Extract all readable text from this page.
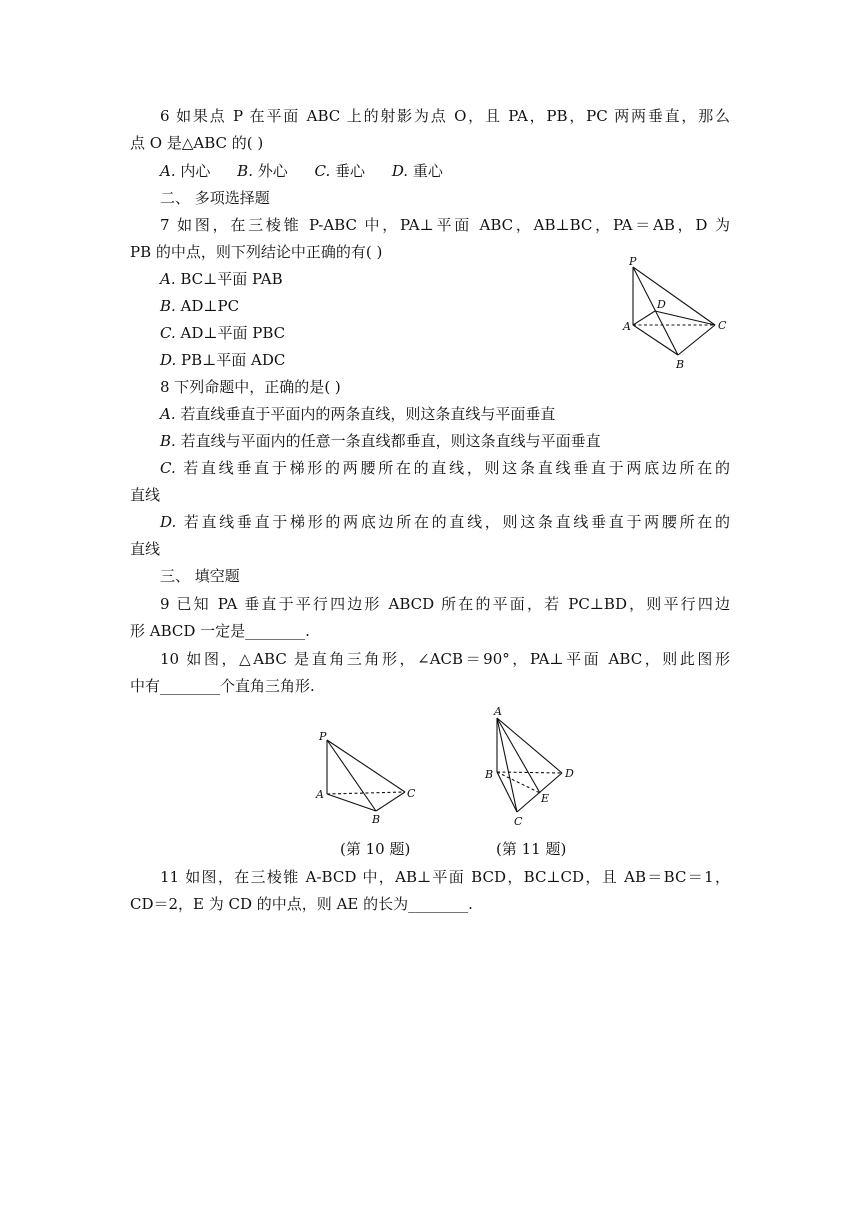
6 如果点 P 在平面 ABC 上的射影为点 O，且 PA，PB，PC 两两垂直，那么
点 O 是△ABC 的( )
A. 内心 B. 外心 C. 垂心 D. 重心
二、 多项选择题
7 如图，在三棱锥 P-ABC 中，PA⊥平面 ABC，AB⊥BC，PA＝AB，D 为
PB 的中点，则下列结论中正确的有( )
A. BC⊥平面 PAB
B. AD⊥PC
C. AD⊥平面 PBC
D. PB⊥平面 ADC
P
D
A	C
B
8 下列命题中，正确的是( )
A. 若直线垂直于平面内的两条直线，则这条直线与平面垂直
B. 若直线与平面内的任意一条直线都垂直，则这条直线与平面垂直
C. 若直线垂直于梯形的两腰所在的直线，则这条直线垂直于两底边所在的
直线
D. 若直线垂直于梯形的两底边所在的直线，则这条直线垂直于两腰所在的
直线
三、 填空题
9 已知 PA 垂直于平行四边形 ABCD 所在的平面，若 PC⊥BD，则平行四边
形 ABCD 一定是________.
10 如图，△ABC 是直角三角形，∠ACB＝90°，PA⊥平面 ABC，则此图形
中有________个直角三角形.
P
A	C
B
A
B	D
E
C
(第 10 题)	(第 11 题)
11 如图，在三棱锥 A-BCD 中，AB⊥平面 BCD，BC⊥CD，且 AB＝BC＝1，
CD＝2，E 为 CD 的中点，则 AE 的长为________.
